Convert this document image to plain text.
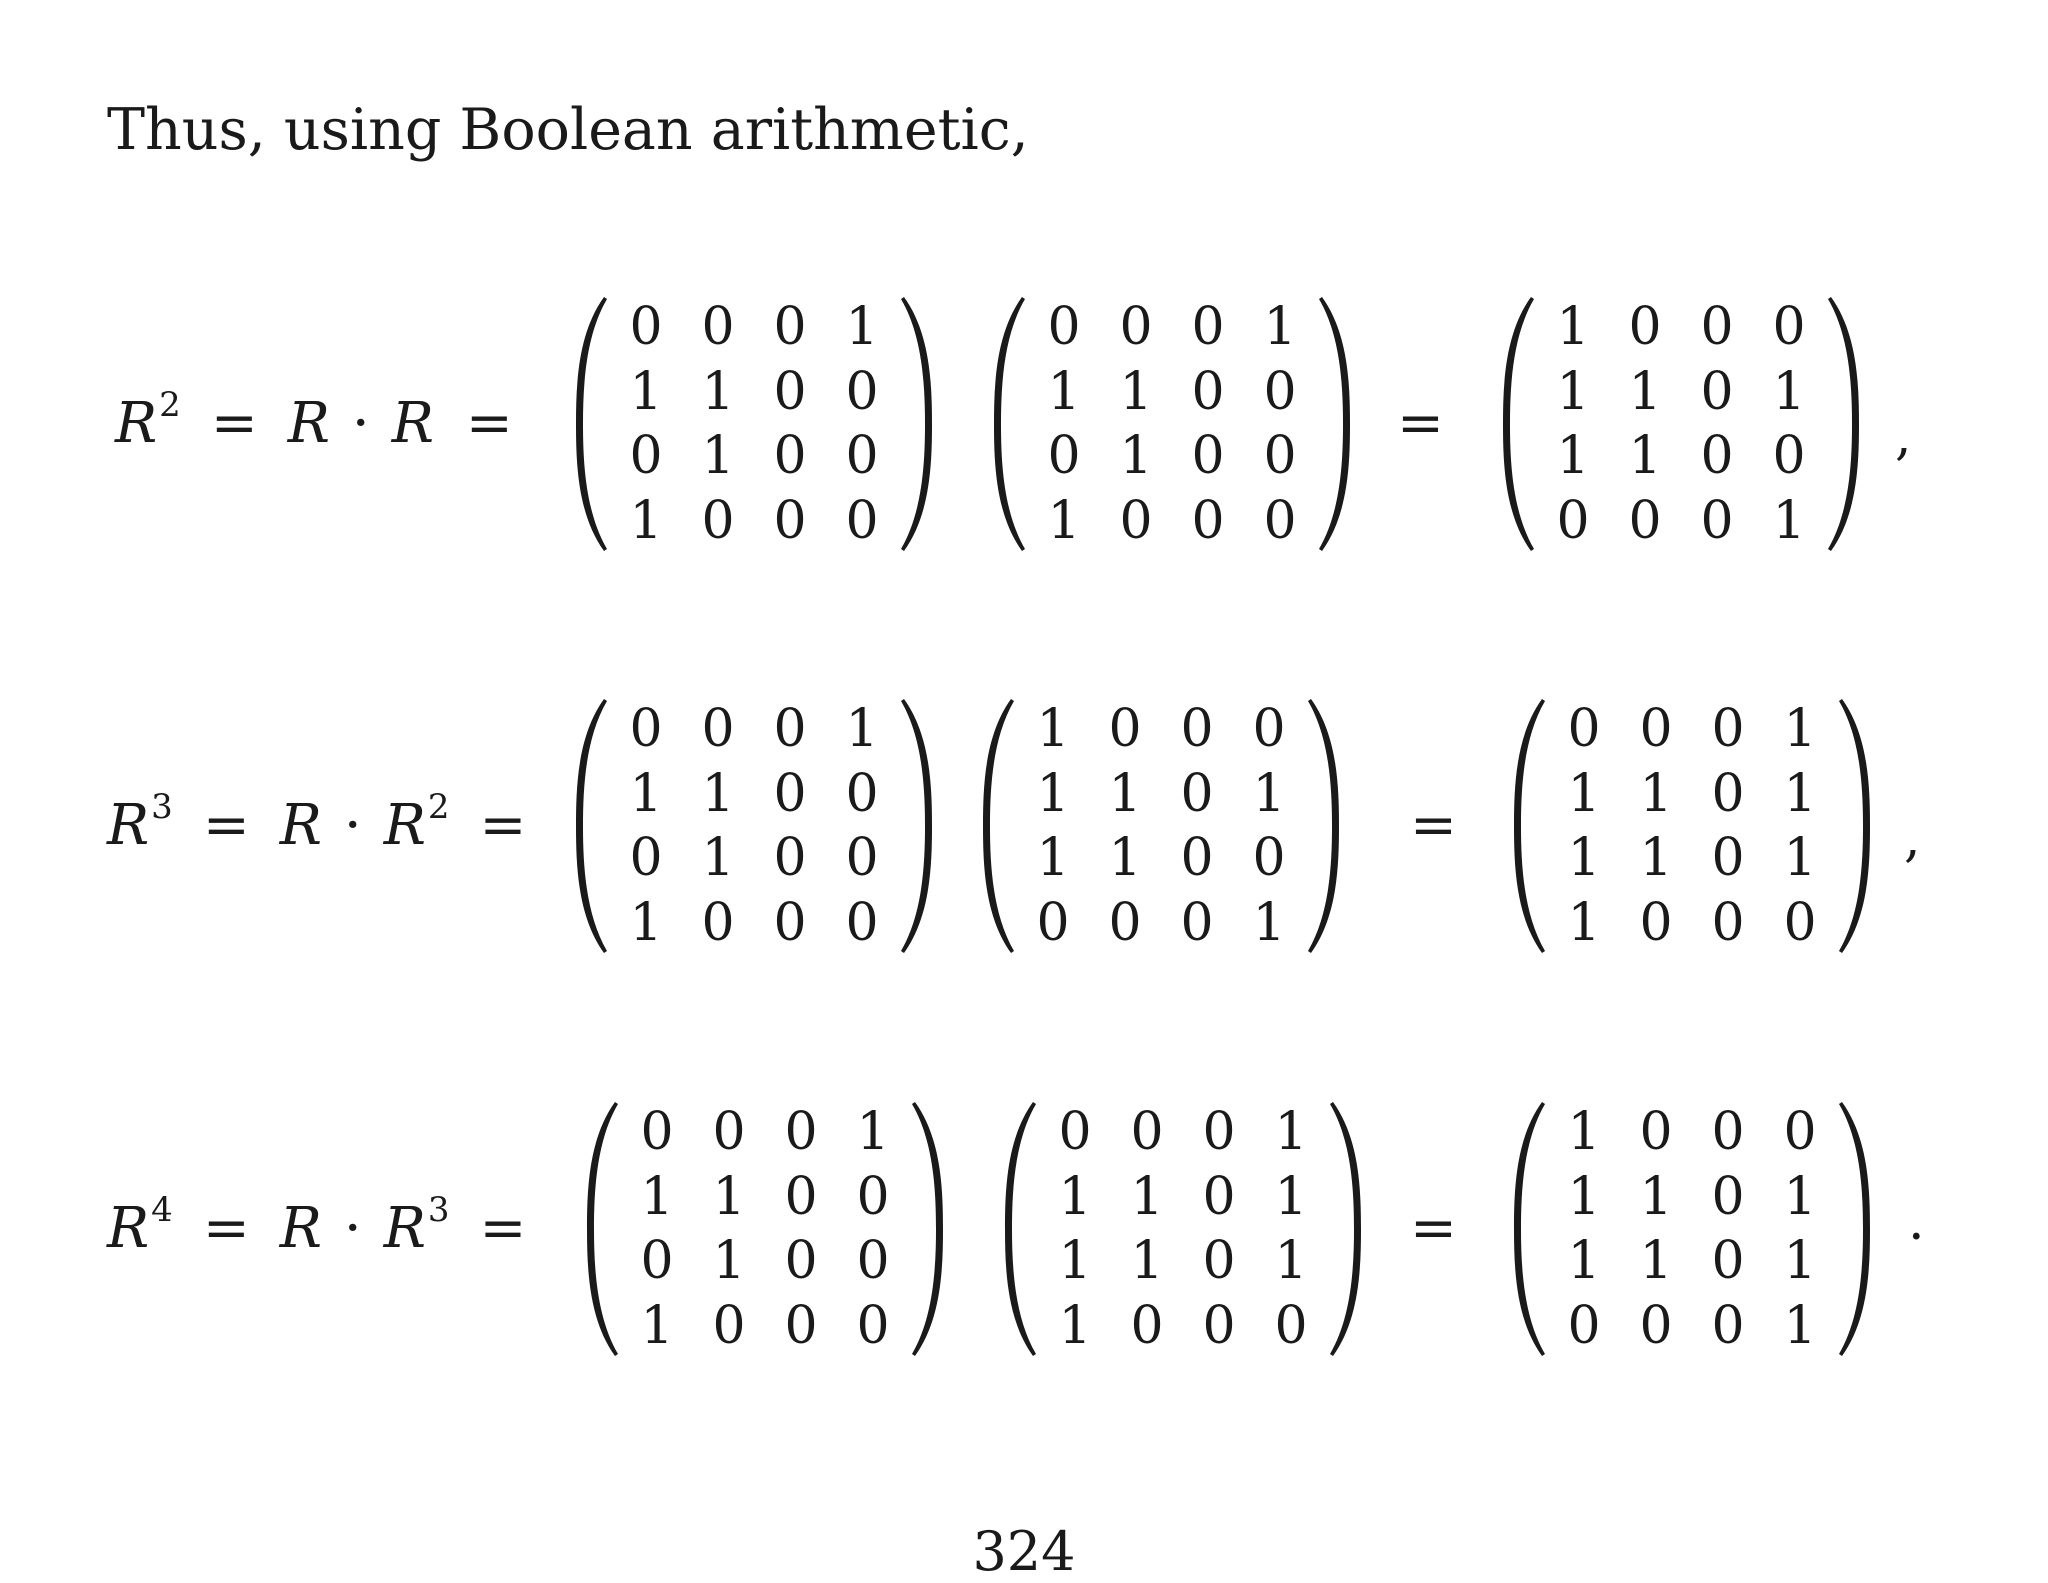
Thus, using Boolean arithmetic,
$R^2 = R \cdot R$ =
0 0 0 1
1 1 0 0
0 1 0 0
1 0 0 0
0 0 0 1
1 1 0 0
0 1 0 0
1 0 0 0
=
1 0 0 0
1 1 0 1
1 1 0 0
0 0 0 1
,
$R^3 = R \cdot R^2$ =
0 0 0 1
1 1 0 0
0 1 0 0
1 0 0 0
1 0 0 0
1 1 0 1
1 1 0 0
0 0 0 1
=
0 0 0 1
1 1 0 1
1 1 0 1
1 0 0 0
,
$R^4 = R \cdot R^3$ =
0 0 0 1
1 1 0 0
0 1 0 0
1 0 0 0
0 0 0 1
1 1 0 1
1 1 0 1
1 0 0 0
=
1 0 0 0
1 1 0 1
1 1 0 1
0 0 0 1
.
324
